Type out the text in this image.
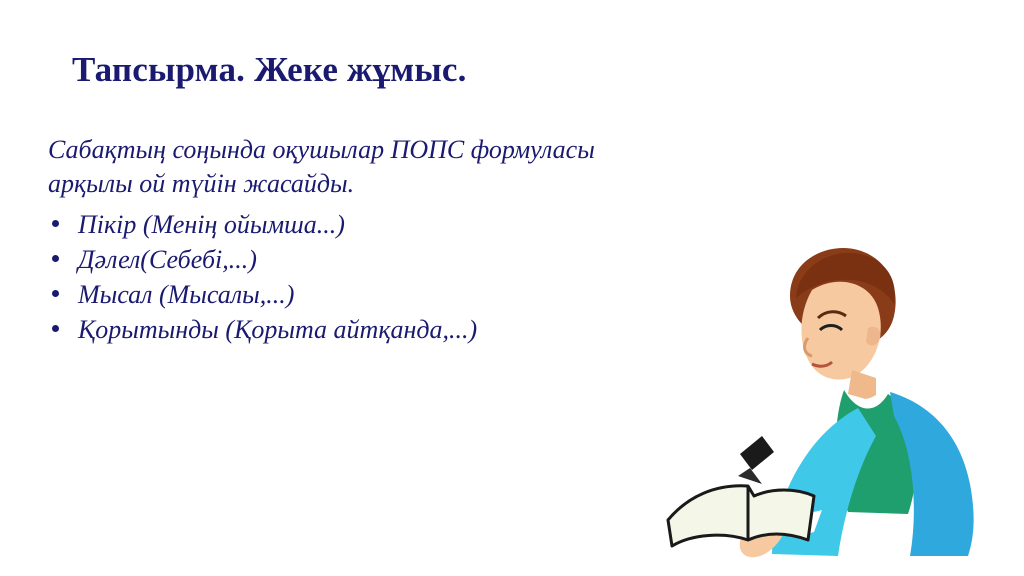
Тапсырма. Жеке жұмыс.

Сабақтың соңында оқушылар ПОПС формуласы

арқылы ой түйін жасайды.

Пікір (Менің ойымша...)
Дәлел(Себебі,...)
Мысал (Мысалы,...)
Қорытынды (Қорыта айтқанда,...)
